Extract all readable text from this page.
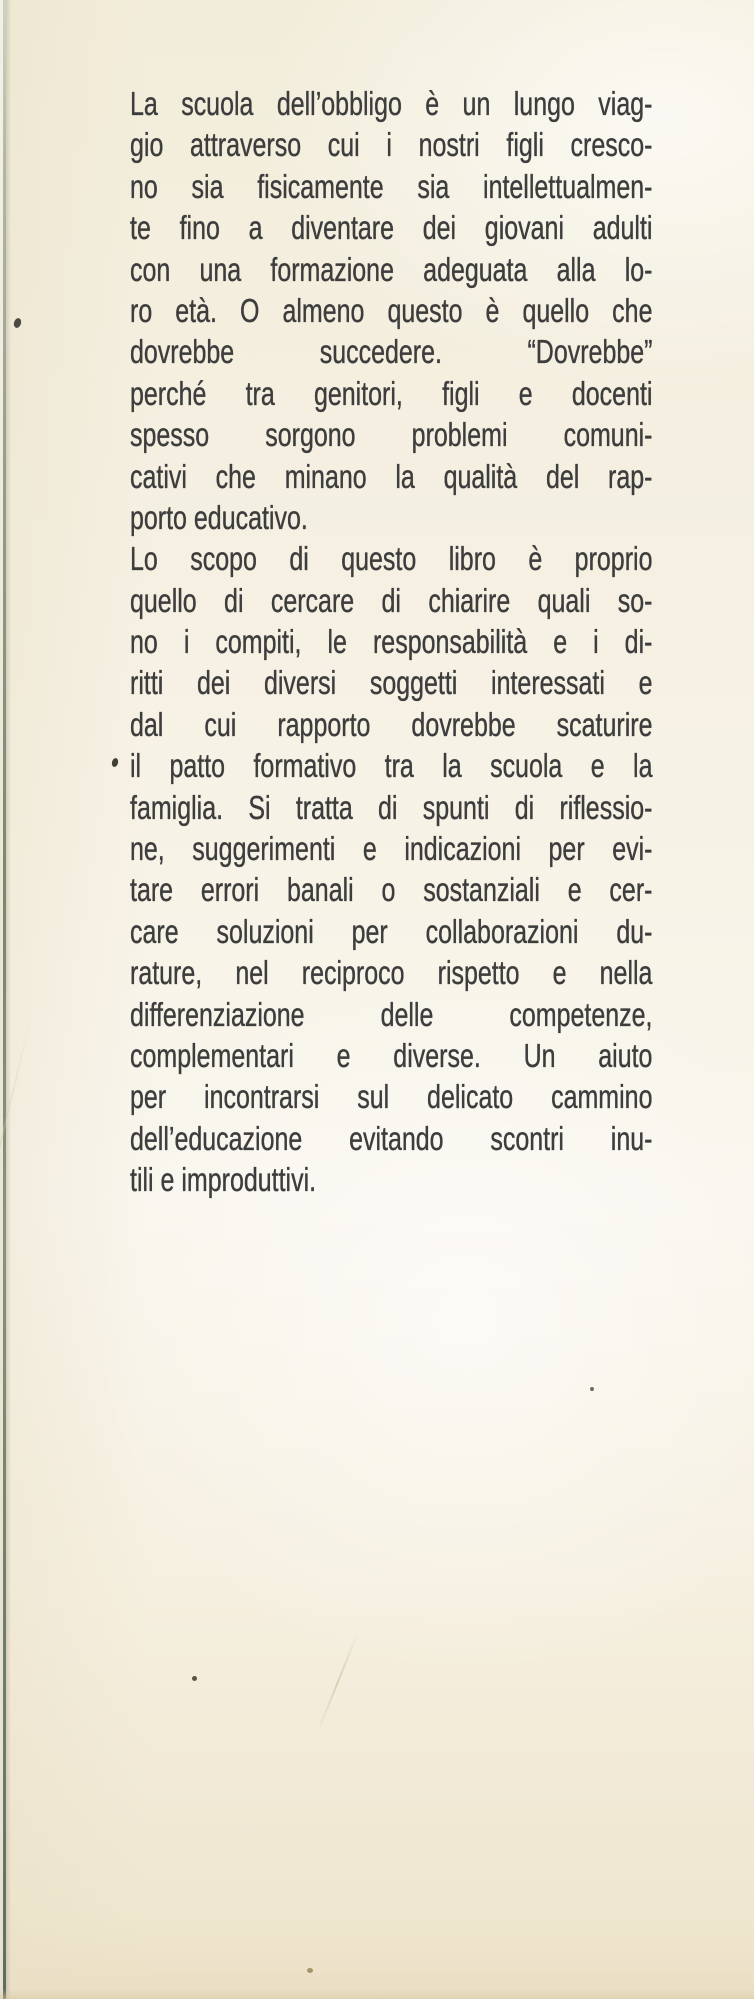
La scuola dell’obbligo è un lungo viag-
gio attraverso cui i nostri figli cresco-
no sia fisicamente sia intellettualmen-
te fino a diventare dei giovani adulti
con una formazione adeguata alla lo-
ro età. O almeno questo è quello che
dovrebbe succedere. “Dovrebbe”
perché tra genitori, figli e docenti
spesso sorgono problemi comuni-
cativi che minano la qualità del rap-
porto educativo.
Lo scopo di questo libro è proprio
quello di cercare di chiarire quali so-
no i compiti, le responsabilità e i di-
ritti dei diversi soggetti interessati e
dal cui rapporto dovrebbe scaturire
il patto formativo tra la scuola e la
famiglia. Si tratta di spunti di riflessio-
ne, suggerimenti e indicazioni per evi-
tare errori banali o sostanziali e cer-
care soluzioni per collaborazioni du-
rature, nel reciproco rispetto e nella
differenziazione delle competenze,
complementari e diverse. Un aiuto
per incontrarsi sul delicato cammino
dell’educazione evitando scontri inu-
tili e improduttivi.
